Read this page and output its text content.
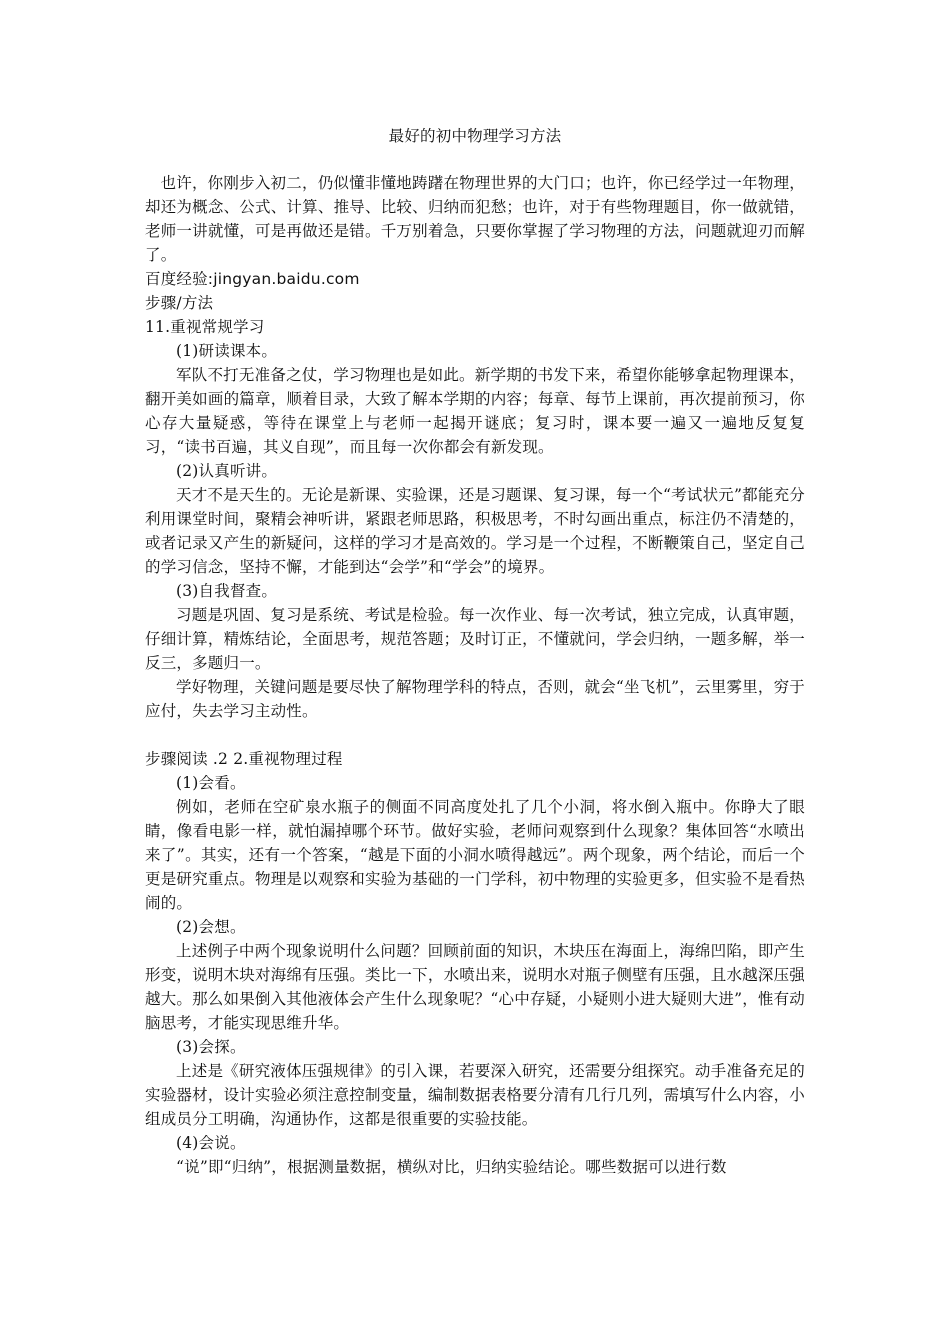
最好的初中物理学习方法

也许，你刚步入初二，仍似懂非懂地踌躇在物理世界的大门口；也许，你已经学过一年物理，却还为概念、公式、计算、推导、比较、归纳而犯愁；也许，对于有些物理题目，你一做就错，老师一讲就懂，可是再做还是错。千万别着急，只要你掌握了学习物理的方法，问题就迎刃而解了。

百度经验:jingyan.baidu.com

步骤/方法

11.重视常规学习

(1)研读课本。

军队不打无准备之仗，学习物理也是如此。新学期的书发下来，希望你能够拿起物理课本，翻开美如画的篇章，顺着目录，大致了解本学期的内容；每章、每节上课前，再次提前预习，你心存大量疑惑，等待在课堂上与老师一起揭开谜底；复习时，课本要一遍又一遍地反复复习，“读书百遍，其义自现”，而且每一次你都会有新发现。

(2)认真听讲。

天才不是天生的。无论是新课、实验课，还是习题课、复习课，每一个“考试状元”都能充分利用课堂时间，聚精会神听讲，紧跟老师思路，积极思考，不时勾画出重点，标注仍不清楚的，或者记录又产生的新疑问，这样的学习才是高效的。学习是一个过程，不断鞭策自己，坚定自己的学习信念，坚持不懈，才能到达“会学”和“学会”的境界。

(3)自我督查。

习题是巩固、复习是系统、考试是检验。每一次作业、每一次考试，独立完成，认真审题，仔细计算，精炼结论，全面思考，规范答题；及时订正，不懂就问，学会归纳，一题多解，举一反三，多题归一。

学好物理，关键问题是要尽快了解物理学科的特点，否则，就会“坐飞机”，云里雾里，穷于应付，失去学习主动性。

步骤阅读 .2 2.重视物理过程

(1)会看。

例如，老师在空矿泉水瓶子的侧面不同高度处扎了几个小洞，将水倒入瓶中。你睁大了眼睛，像看电影一样，就怕漏掉哪个环节。做好实验，老师问观察到什么现象？集体回答“水喷出来了”。其实，还有一个答案，“越是下面的小洞水喷得越远”。两个现象，两个结论，而后一个更是研究重点。物理是以观察和实验为基础的一门学科，初中物理的实验更多，但实验不是看热闹的。

(2)会想。

上述例子中两个现象说明什么问题？回顾前面的知识，木块压在海面上，海绵凹陷，即产生形变，说明木块对海绵有压强。类比一下，水喷出来，说明水对瓶子侧壁有压强，且水越深压强越大。那么如果倒入其他液体会产生什么现象呢？“心中存疑，小疑则小进大疑则大进”，惟有动脑思考，才能实现思维升华。

(3)会探。

上述是《研究液体压强规律》的引入课，若要深入研究，还需要分组探究。动手准备充足的实验器材，设计实验必须注意控制变量，编制数据表格要分清有几行几列，需填写什么内容，小组成员分工明确，沟通协作，这都是很重要的实验技能。

(4)会说。

“说”即“归纳”，根据测量数据，横纵对比，归纳实验结论。哪些数据可以进行数
